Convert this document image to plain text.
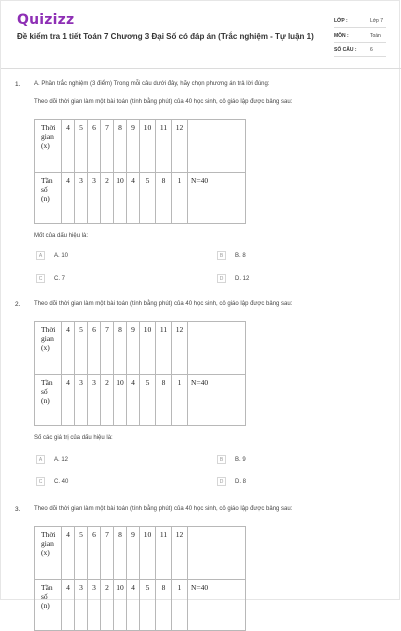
Quizizz
Đề kiểm tra 1 tiết Toán 7 Chương 3 Đại Số có đáp án (Trắc nghiệm - Tự luận 1)
LỚP :	Lớp 7
MÔN :	Toán
SỐ CÂU :	6
1. A. Phần trắc nghiệm (3 điểm) Trong mỗi câu dưới đây, hãy chọn phương án trả lời đúng:
Theo dõi thời gian làm một bài toán (tính bằng phút) của 40 học sinh, cô giáo lập được bảng sau:
Thời
gian
(x)	4	5	6	7	8	9	10	11	12	

Tần
số
(n)	4	3	3	2	10	4	5	8	1	N=40
Mốt của dấu hiệu là:
A	A. 10	B	B. 8
C	C. 7	D	D. 12
2. Theo dõi thời gian làm một bài toán (tính bằng phút) của 40 học sinh, cô giáo lập được bảng sau:
Thời
gian
(x)	4	5	6	7	8	9	10	11	12	

Tần
số
(n)	4	3	3	2	10	4	5	8	1	N=40
Số các giá trị của dấu hiệu là:
A	A. 12	B	B. 9
C	C. 40	D	D. 8
3. Theo dõi thời gian làm một bài toán (tính bằng phút) của 40 học sinh, cô giáo lập được bảng sau:
Thời
gian
(x)	4	5	6	7	8	9	10	11	12	

Tần
số
(n)	4	3	3	2	10	4	5	8	1	N=40
